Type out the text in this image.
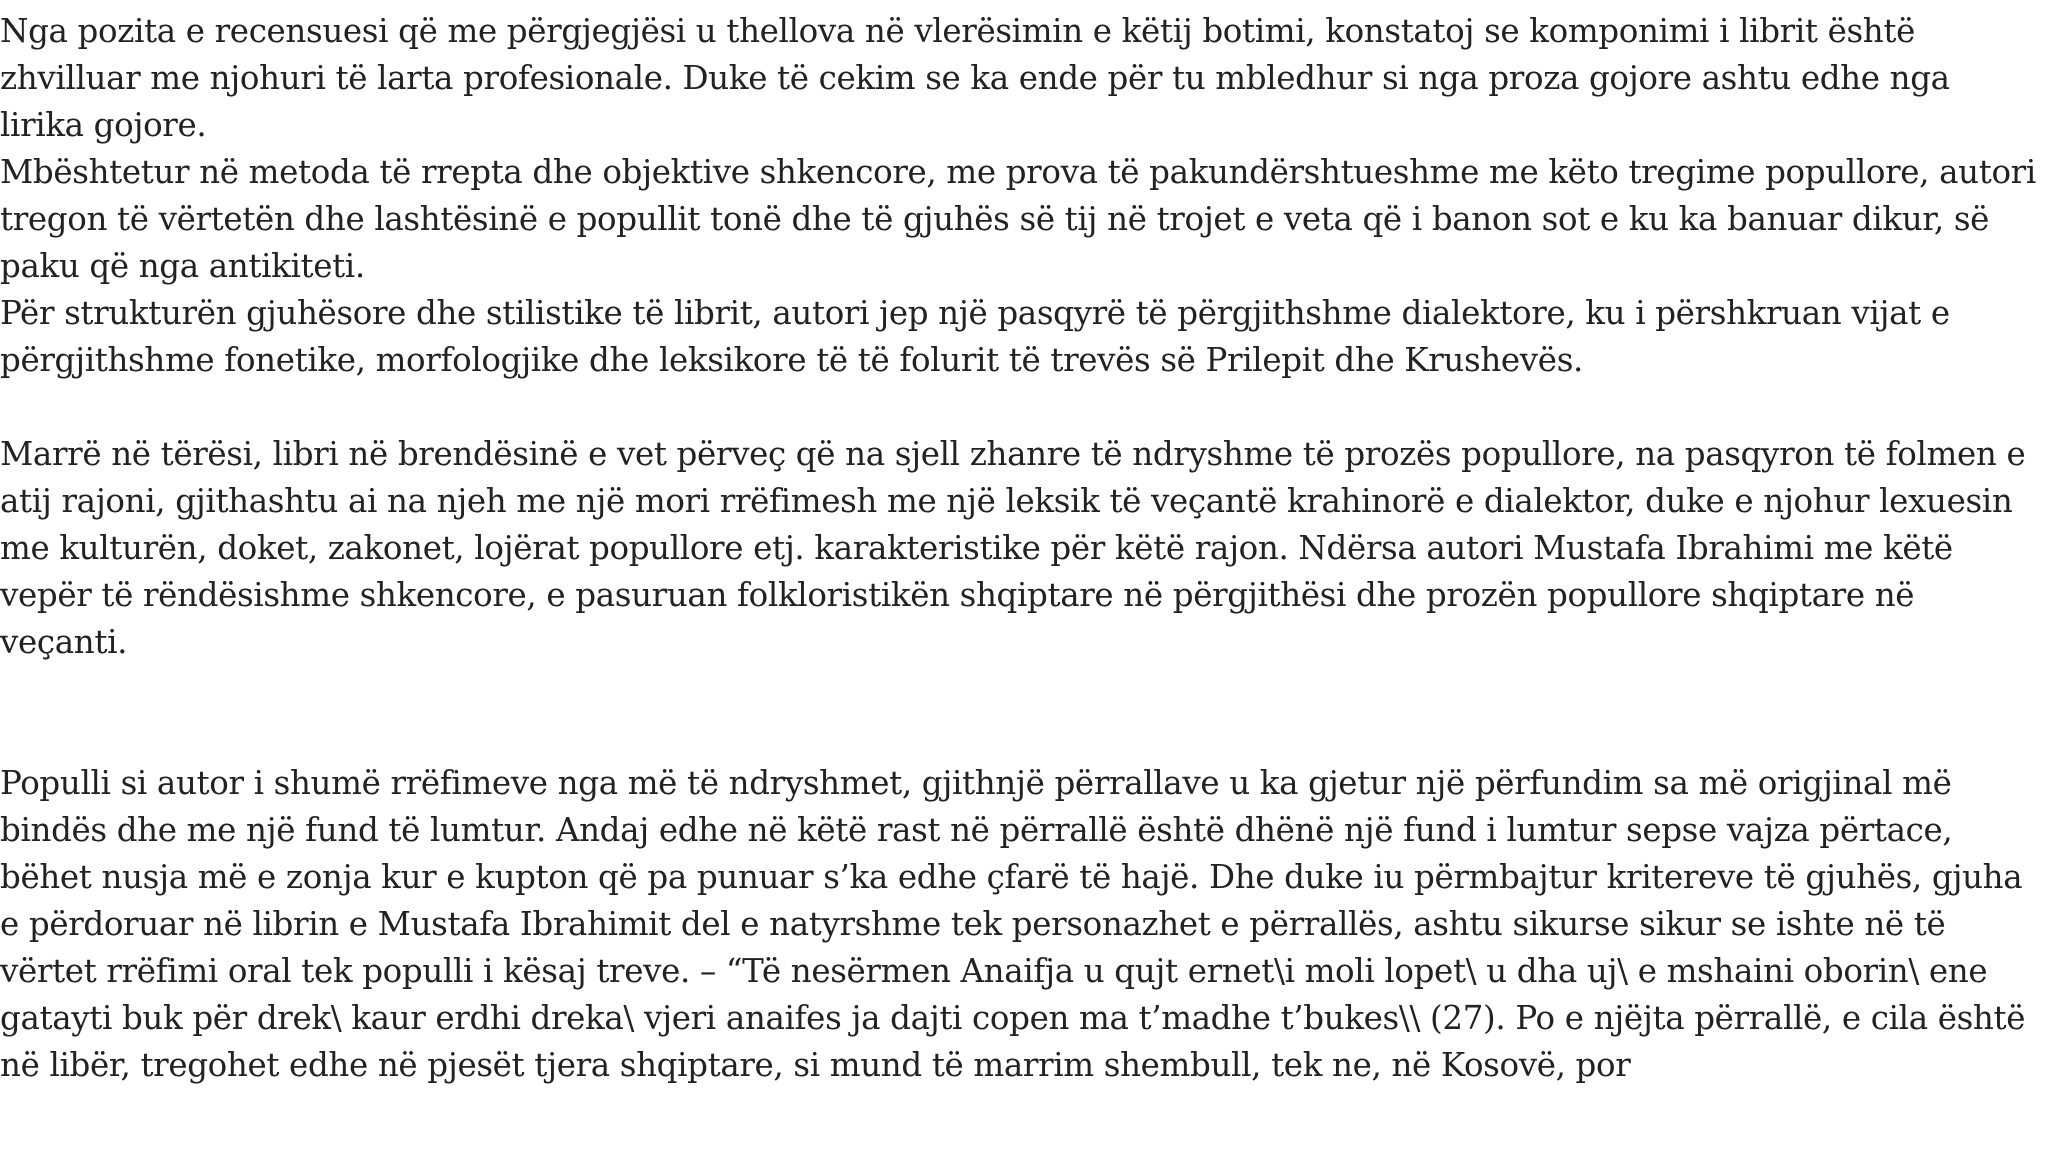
Nga pozita e recensuesi që me përgjegjësi u thellova në vlerësimin e këtij botimi, konstatoj se komponimi i librit është zhvilluar me njohuri të larta profesionale. Duke të cekim se ka ende për tu mbledhur si nga proza gojore ashtu edhe nga lirika gojore.

Mbështetur në metoda të rrepta dhe objektive shkencore, me prova të pakundërshtueshme me këto tregime popullore, autori tregon të vërtetën dhe lashtësinë e popullit tonë dhe të gjuhës së tij në trojet e veta që i banon sot e ku ka banuar dikur, së paku që nga antikiteti.

Për strukturën gjuhësore dhe stilistike të librit, autori jep një pasqyrë të përgjithshme dialektore, ku i përshkruan vijat e përgjithshme fonetike, morfologjike dhe leksikore të të folurit të trevës së Prilepit dhe Krushevës.

Marrë në tërësi, libri në brendësinë e vet përveç që na sjell zhanre të ndryshme të prozës popullore, na pasqyron të folmen e atij rajoni, gjithashtu ai na njeh me një mori rrëfimesh me një leksik të veçantë krahinorë e dialektor, duke e njohur lexuesin me kulturën, doket, zakonet, lojërat popullore etj. karakteristike për këtë rajon. Ndërsa autori Mustafa Ibrahimi me këtë vepër të rëndësishme shkencore, e pasuruan folkloristikën shqiptare në përgjithësi dhe prozën popullore shqiptare në veçanti.

Populli si autor i shumë rrëfimeve nga më të ndryshmet, gjithnjë përrallave u ka gjetur një përfundim sa më origjinal më bindës dhe me një fund të lumtur. Andaj edhe në këtë rast në përrallë është dhënë një fund i lumtur sepse vajza përtace, bëhet nusja më e zonja kur e kupton që pa punuar s’ka edhe çfarë të hajë. Dhe duke iu përmbajtur kritereve të gjuhës, gjuha e përdoruar në librin e Mustafa Ibrahimit del e natyrshme tek personazhet e përrallës, ashtu sikurse sikur se ishte në të vërtet rrëfimi oral tek populli i kësaj treve. – “Të nesërmen Anaifja u qujt ernet\i moli lopet\ u dha uj\ e mshaini oborin\ ene gatayti buk për drek\ kaur erdhi dreka\ vjeri anaifes ja dajti copen ma t’madhe t’bukes\\ (27). Po e njëjta përrallë, e cila është në libër, tregohet edhe në pjesët tjera shqiptare, si mund të marrim shembull, tek ne, në Kosovë, por
